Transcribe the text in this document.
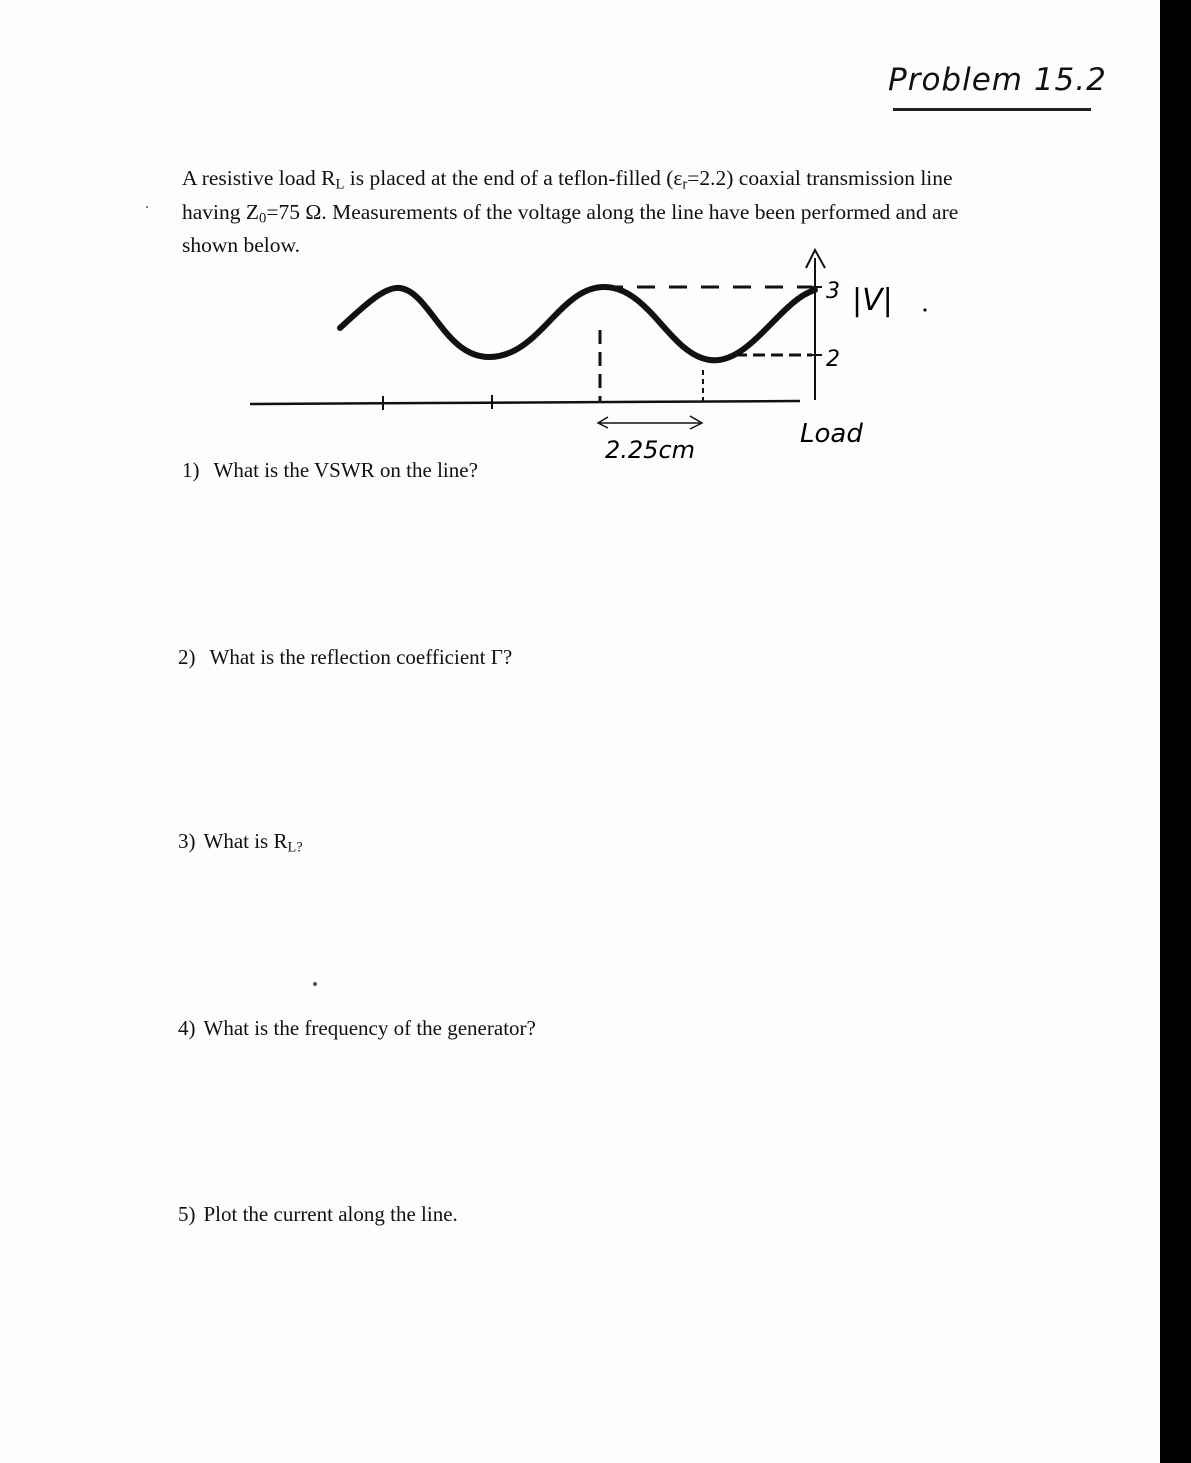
Problem 15.2

A resistive load $R_L$ is placed at the end of a teflon-filled $(\varepsilon_r=2.2)$ coaxial transmission line

having $Z_0=75$ Ω. Measurements of the voltage along the line have been performed and are

shown below.

3 |V|
2
2.25cm
Load
1) What is the VSWR on the line?
2) What is the reflection coefficient Γ?
3) What is $R_{L?}$
4) What is the frequency of the generator?
5) Plot the current along the line.
